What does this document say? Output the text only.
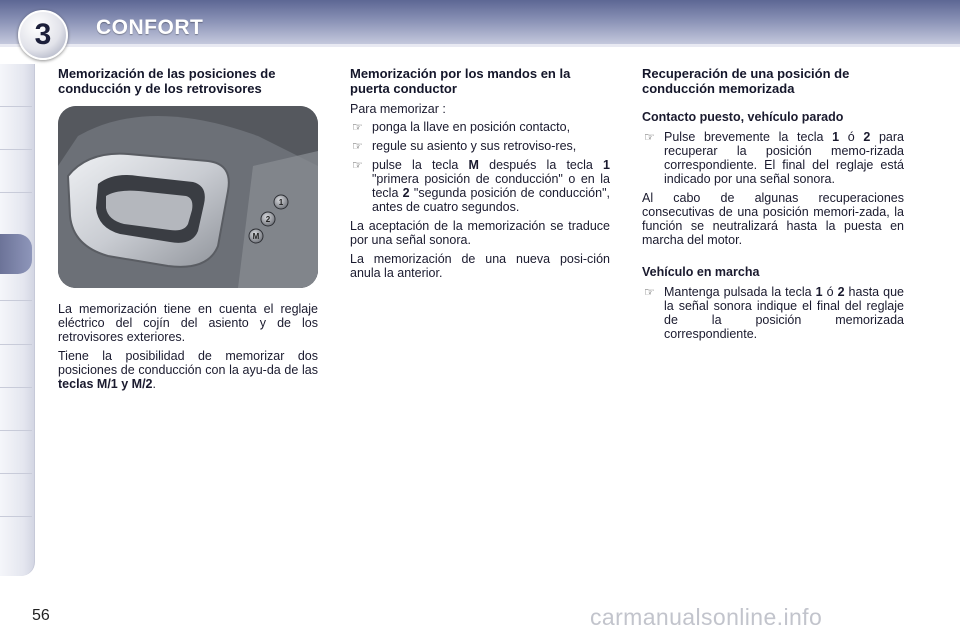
3	CONFORT
Memorización de las posiciones de conducción y de los retrovisores
1
2
M

La memorización tiene en cuenta el reglaje eléctrico del cojín del asiento y de los retrovisores exteriores.

Tiene la posibilidad de memorizar dos posiciones de conducción con la ayu-da de las teclas M/1 y M/2.

Memorización por los mandos en la puerta conductor

Para memorizar :

☞ ponga la llave en posición contacto,
☞ regule su asiento y sus retroviso-res,
☞ pulse la tecla M después la tecla 1 "primera posición de conducción" o en la tecla 2 "segunda posición de conducción", antes de cuatro segundos.

La aceptación de la memorización se traduce por una señal sonora.

La memorización de una nueva posi-ción anula la anterior.

Recuperación de una posición de conducción memorizada
Contacto puesto, vehículo parado
☞ Pulse brevemente la tecla 1 ó 2 para recuperar la posición memo-rizada correspondiente. El final del reglaje está indicado por una señal sonora.

Al cabo de algunas recuperaciones consecutivas de una posición memori-zada, la función se neutralizará hasta la puesta en marcha del motor.

Vehículo en marcha
☞ Mantenga pulsada la tecla 1 ó 2 hasta que la señal sonora indique el final del reglaje de la posición memorizada correspondiente.
56	carmanualsonline.info
